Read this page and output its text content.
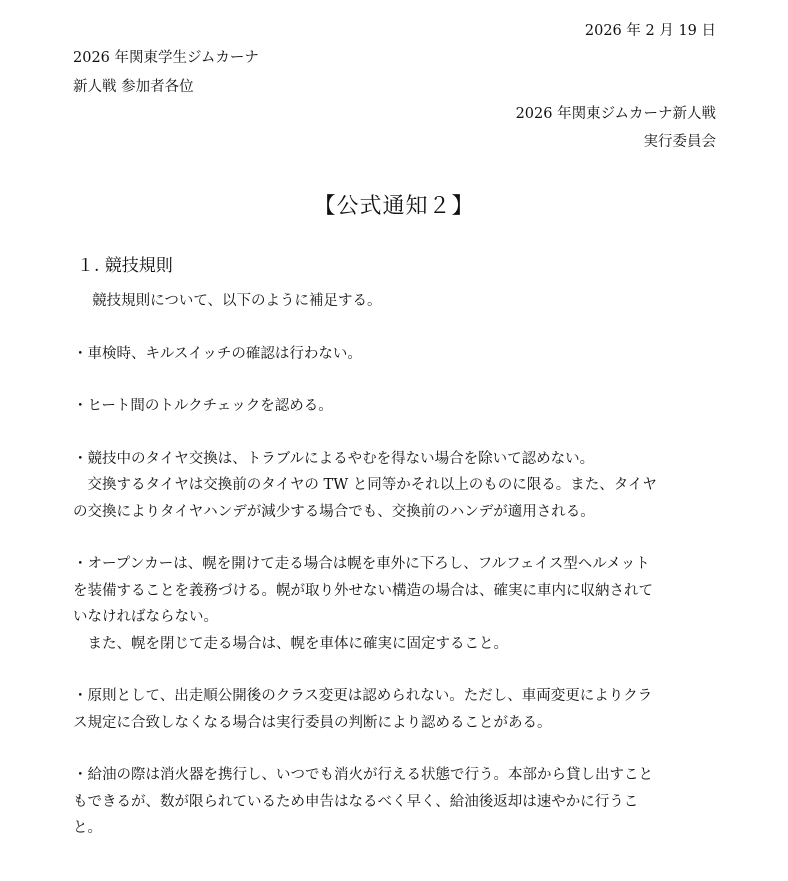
2026 年 2 月 19 日
2026 年関東学生ジムカーナ
新人戦 参加者各位
2026 年関東ジムカーナ新人戦
実行委員会
【公式通知２】
１. 競技規則

　 競技規則について、以下のように補足する。

・車検時、キルスイッチの確認は行わない。

・ヒート間のトルクチェックを認める。

・競技中のタイヤ交換は、トラブルによるやむを得ない場合を除いて認めない。

　交換するタイヤは交換前のタイヤの TW と同等かそれ以上のものに限る。また、タイヤ

の交換によりタイヤハンデが減少する場合でも、交換前のハンデが適用される。

・オープンカーは、幌を開けて走る場合は幌を車外に下ろし、フルフェイス型ヘルメット

を装備することを義務づける。幌が取り外せない構造の場合は、確実に車内に収納されて

いなければならない。

　また、幌を閉じて走る場合は、幌を車体に確実に固定すること。

・原則として、出走順公開後のクラス変更は認められない。ただし、車両変更によりクラ

ス規定に合致しなくなる場合は実行委員の判断により認めることがある。

・給油の際は消火器を携行し、いつでも消火が行える状態で行う。本部から貸し出すこと

もできるが、数が限られているため申告はなるべく早く、給油後返却は速やかに行うこ

と。
